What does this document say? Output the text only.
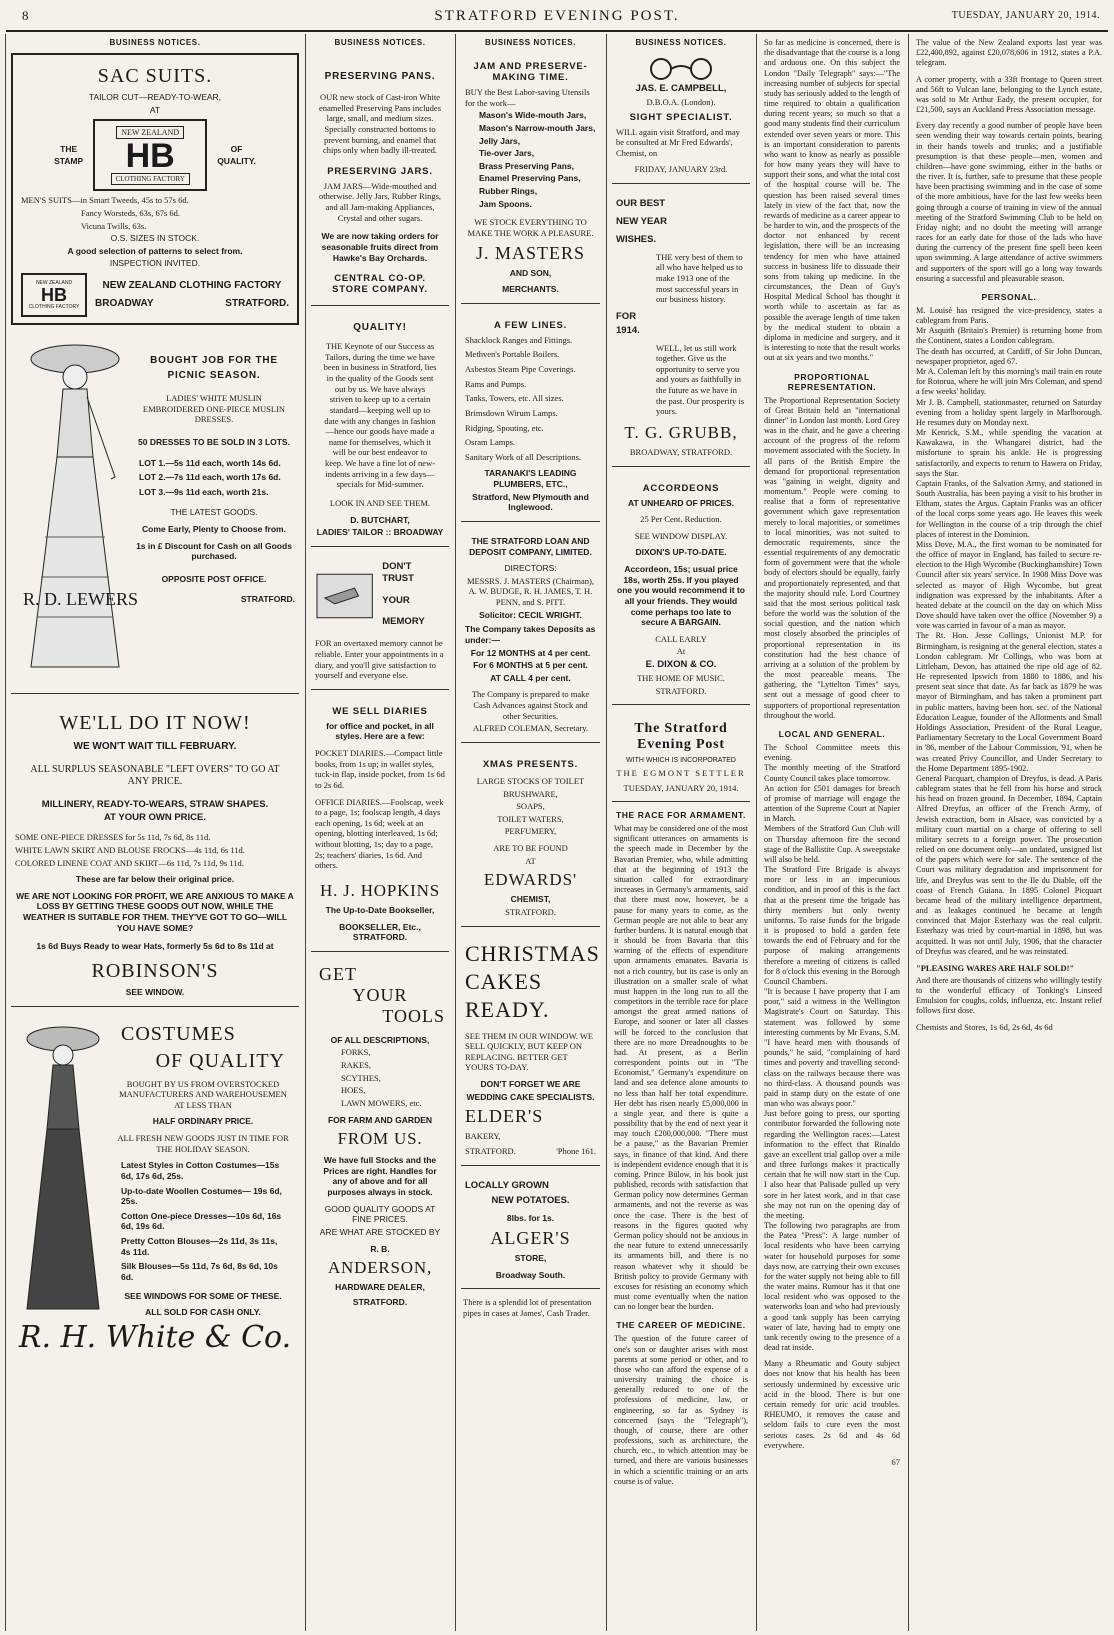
8	STRATFORD EVENING POST.	TUESDAY, JANUARY 20, 1914.
BUSINESS NOTICES.
SAC SUITS.
TAILOR CUT—READY-TO-WEAR,
AT
THE
STAMP
NEW ZEALAND
HB
CLOTHING FACTORY
OF
QUALITY.
MEN'S SUITS—in Smart Tweeds, 45s to 57s 6d.
Fancy Worsteds, 63s, 67s 6d.
Vicuna Twills, 63s.
O.S. SIZES IN STOCK.
A good selection of patterns to select from.
INSPECTION INVITED.
NEW ZEALAND
HB
CLOTHING FACTORY
NEW ZEALAND CLOTHING FACTORY
BROADWAY	STRATFORD.
BOUGHT JOB FOR THE
PICNIC SEASON.
LADIES' WHITE MUSLIN EMBROIDERED ONE-PIECE MUSLIN DRESSES.
50 DRESSES TO BE SOLD IN 3 LOTS.
LOT 1.—5s 11d each, worth 14s 6d.
LOT 2.—7s 11d each, worth 17s 6d.
LOT 3.—9s 11d each, worth 21s.
THE LATEST GOODS.
Come Early, Plenty to Choose from.
1s in £ Discount for Cash on all Goods purchased.
OPPOSITE POST OFFICE.
R. D. LEWERS	STRATFORD.
WE'LL DO IT NOW!
WE WON'T WAIT TILL FEBRUARY.
ALL SURPLUS SEASONABLE "LEFT OVERS" TO GO AT ANY PRICE.
MILLINERY, READY-TO-WEARS, STRAW SHAPES.
AT YOUR OWN PRICE.
SOME ONE-PIECE DRESSES for 5s 11d, 7s 6d, 8s 11d.
WHITE LAWN SKIRT AND BLOUSE FROCKS—4s 11d, 6s 11d.
COLORED LINENE COAT AND SKIRT—6s 11d, 7s 11d, 9s 11d.
These are far below their original price.
WE ARE NOT LOOKING FOR PROFIT, WE ARE ANXIOUS TO MAKE A LOSS BY GETTING THESE GOODS OUT NOW, WHILE THE WEATHER IS SUITABLE FOR THEM. THEY'VE GOT TO GO—WILL YOU HAVE SOME?
1s 6d Buys Ready to wear Hats, formerly 5s 6d to 8s 11d at
ROBINSON'S
SEE WINDOW.
COSTUMES
OF QUALITY
BOUGHT BY US FROM OVERSTOCKED MANUFACTURERS AND WAREHOUSEMEN AT LESS THAN
HALF ORDINARY PRICE.
ALL FRESH NEW GOODS JUST IN TIME FOR THE HOLIDAY SEASON.
Latest Styles in Cotton Costumes—15s 6d, 17s 6d, 25s.
Up-to-date Woollen Costumes— 19s 6d, 25s.
Cotton One-piece Dresses—10s 6d, 16s 6d, 19s 6d.
Pretty Cotton Blouses—2s 11d, 3s 11s, 4s 11d.
Silk Blouses—5s 11d, 7s 6d, 8s 6d, 10s 6d.
SEE WINDOWS FOR SOME OF THESE.
ALL SOLD FOR CASH ONLY.
R. H. White & Co.
BUSINESS NOTICES.
PRESERVING PANS.
OUR new stock of Cast-iron White enamelled Preserving Pans includes large, small, and medium sizes. Specially constructed bottoms to prevent burning, and enamel that chips only when badly ill-treated.
PRESERVING JARS.
JAM JARS—Wide-mouthed and otherwise. Jelly Jars, Rubber Rings, and all Jam-making Appliances, Crystal and other sugars.
We are now taking orders for seasonable fruits direct from Hawke's Bay Orchards.
CENTRAL CO-OP. STORE COMPANY.
QUALITY!
THE Keynote of our Success as Tailors, during the time we have been in business in Stratford, lies in the quality of the Goods sent out by us. We have always striven to keep up to a certain standard—keeping well up to date with any changes in fashion —hence our goods have made a name for themselves, which it will be our best endeavor to keep. We have a fine lot of new-indents arriving in a few days—specials for Mid-summer.
LOOK IN AND SEE THEM.
D. BUTCHART,
LADIES' TAILOR :: BROADWAY
DON'T TRUST
YOUR
MEMORY
FOR an overtaxed memory cannot be reliable. Enter your appointments in a diary, and you'll give satisfaction to yourself and everyone else.
WE SELL DIARIES
for office and pocket, in all styles. Here are a few:
POCKET DIARIES.—Compact little books, from 1s up; in wallet styles, tuck-in flap, inside pocket, from 1s 6d to 2s 6d.
OFFICE DIARIES.—Foolscap, week to a page, 1s; foolscap length, 4 days each opening, 1s 6d; week at an opening, blotting interleaved, 1s 6d; without blotting, 1s; day to a page, 2s; teachers' diaries, 1s 6d. And others.
H. J. HOPKINS
The Up-to-Date Bookseller,
BOOKSELLER, Etc., STRATFORD.
GET
YOUR
TOOLS
OF ALL DESCRIPTIONS,
FORKS,
RAKES,
SCYTHES,
HOES,
LAWN MOWERS, etc.
FOR FARM AND GARDEN
FROM US.
We have full Stocks and the Prices are right. Handles for any of above and for all purposes always in stock.
GOOD QUALITY GOODS AT FINE PRICES.
ARE WHAT ARE STOCKED BY
R. B.
ANDERSON,
HARDWARE DEALER,
STRATFORD.
BUSINESS NOTICES.
JAM AND PRESERVE-MAKING TIME.
BUY the Best Labor-saving Utensils for the work—
Mason's Wide-mouth Jars,
Mason's Narrow-mouth Jars,
Jelly Jars,
Tie-over Jars,
Brass Preserving Pans,
Enamel Preserving Pans,
Rubber Rings,
Jam Spoons.
WE STOCK EVERYTHING TO MAKE THE WORK A PLEASURE.
J. MASTERS
AND SON,
MERCHANTS.
A FEW LINES.
Shacklock Ranges and Fittings.
Methven's Portable Boilers.
Asbestos Steam Pipe Coverings.
Rams and Pumps.
Tanks, Towers, etc. All sizes.
Brimsdown Wirum Lamps.
Ridging, Spouting, etc.
Osram Lamps.
Sanitary Work of all Descriptions.
TARANAKI'S LEADING PLUMBERS, ETC.,
Stratford, New Plymouth and Inglewood.
THE STRATFORD LOAN AND DEPOSIT COMPANY, LIMITED.
DIRECTORS:
MESSRS. J. MASTERS (Chairman), A. W. BUDGE, R. H. JAMES, T. H. PENN, and S. PITT.
Solicitor: CECIL WRIGHT.
The Company takes Deposits as under:—
For 12 MONTHS at 4 per cent.
For 6 MONTHS at 5 per cent.
AT CALL 4 per cent.
The Company is prepared to make Cash Advances against Stock and other Securities.
ALFRED COLEMAN, Secretary.
XMAS PRESENTS.
LARGE STOCKS OF TOILET
BRUSHWARE,
SOAPS,
TOILET WATERS,
PERFUMERY,
ARE TO BE FOUND
AT
EDWARDS'
CHEMIST,
STRATFORD.
CHRISTMAS
CAKES
READY.
SEE THEM IN OUR WINDOW. WE SELL QUICKLY, BUT KEEP ON REPLACING. BETTER GET YOURS TO-DAY.
DON'T FORGET WE ARE
WEDDING CAKE SPECIALISTS.
ELDER'S
BAKERY,
STRATFORD.	'Phone 161.
LOCALLY GROWN
NEW POTATOES.
8lbs. for 1s.
ALGER'S
STORE,
Broadway South.
There is a splendid lot of presentation pipes in cases at James', Cash Trader.
BUSINESS NOTICES.
JAS. E. CAMPBELL,
D.B.O.A. (London).
SIGHT SPECIALIST.
WILL again visit Stratford, and may be consulted at Mr Fred Edwards', Chemist, on
FRIDAY, JANUARY 23rd.
OUR BEST
NEW YEAR
WISHES.
THE very best of them to all who have helped us to make 1913 one of the most successful years in our business history.
FOR
1914.
WELL, let us still work together. Give us the opportunity to serve you and yours as faithfully in the future as we have in the past. Our prosperity is yours.
T. G. GRUBB,
BROADWAY, STRATFORD.
ACCORDEONS
AT UNHEARD OF PRICES.
25 Per Cent. Reduction.
SEE WINDOW DISPLAY.
DIXON'S UP-TO-DATE.
Accordeon, 15s; usual price 18s, worth 25s. If you played one you would recommend it to all your friends. They would come perhaps too late to secure A BARGAIN.
CALL EARLY
At
E. DIXON & CO.
THE HOME OF MUSIC.
STRATFORD.
The Stratford Evening Post
WITH WHICH IS INCORPORATED
THE EGMONT SETTLER
TUESDAY, JANUARY 20, 1914.
THE RACE FOR ARMAMENT.
What may be considered one of the most significant utterances on armaments is the speech made in December by the Bavarian Premier, who, while admitting that at the beginning of 1913 the situation called for extraordinary increases in Germany's armaments, said that there must now, however, be a pause for many years to come, as the German people are not able to bear any further burdens. It is natural enough that it should be from Bavaria that this warning of the effects of expenditure upon armaments emanates. Bavaria is not a rich country, but its case is only an illustration on a smaller scale of what must happen in the long run to all the competitors in the terrible race for place amongst the great armed nations of Europe, and sooner or later all classes will be forced to the conclusion that there are no more Dreadnoughts to be had. At present, as a Berlin correspondent points out in "The Economist," Germany's expenditure on land and sea defence alone amounts to no less than half her total expenditure. Her debt has risen nearly £5,000,000 in a single year, and there is quite a possibility that by the end of next year it may touch £200,000,000. "There must be a pause," as the Bavarian Premier says, in finance of that kind. And there is independent evidence enough that it is coming. Prince Bülow, in his book just published, records with satisfaction that German policy now determines German armaments, and not the reverse as was once the case. There is the best of reasons in the figures quoted why German policy should not be anxious in the near future to extend unnecessarily its armaments bill, and there is no reason whatever why it should be British policy to provide Germany with excuses for resisting an economy which must come eventually when the nation can no longer bear the burden.
THE CAREER OF MEDICINE.
The question of the future career of one's son or daughter arises with most parents at some period or other, and to those who can afford the expense of a university training the choice is generally reduced to one of the professions of medicine, law, or engineering, so far as Sydney is concerned (says the "Telegraph"), though, of course, there are other professions, such as architecture, the church, etc., to which attention may be turned, and there are various businesses in which a scientific training or an arts course is of value.
So far as medicine is concerned, there is the disadvantage that the course is a long and arduous one. On this subject the London "Daily Telegraph" says:—"The increasing number of subjects for special study has seriously added to the length of time required to obtain a qualification during recent years; so much so that a good many students find their curriculum extended over seven years or more. This is an important consideration to parents who want to know as nearly as possible for how many years they will have to support their sons, and what the total cost of the hospital course will be. The question has been raised several times lately in view of the fact that, now the rewards of medicine as a career appear to be harder to win, and the prospects of the doctor not enhanced by recent legislation, there will be an increasing tendency for men who have attained success in business life to dissuade their sons from taking up medicine. In the circumstances, the Dean of Guy's Hospital Medical School has thought it worth while to ascertain as far as possible the average length of time taken by the medical student to obtain a diploma in medicine and surgery, and it is interesting to note that the result works out at six years and two months."
PROPORTIONAL REPRESENTATION.
The Proportional Representation Society of Great Britain held an "international dinner" in London last month. Lord Grey was in the chair, and he gave a cheering account of the progress of the reform movement associated with the Society. In all parts of the British Empire the demand for proportional representation was "gaining in weight, dignity and momentum." People were coming to realise that a form of representative government which gave representation merely to local majorities, or sometimes to local minorities, was not suited to democratic requirements, since the essential requirements of any democratic form of government were that the whole body of electors should be equally, fairly and proportionately represented, and that the majority should rule. Lord Courtney said that the most serious political task before the world was the solution of the social question, and the nation which most closely absorbed the principles of proportional representation in its constitution had the best chance of arriving at a solution of the problem by the most peaceable means. The gathering, the "Lyttelton Times" says, sent out a message of good cheer to supporters of proportional representation throughout the world.
LOCAL AND GENERAL.
The School Committee meets this evening.
The monthly meeting of the Stratford County Council takes place tomorrow.
An action for £501 damages for breach of promise of marriage will engage the attention of the Supreme Court at Napier in March.
Members of the Stratford Gun Club will on Thursday afternoon fire the second stage of the Ballistite Cup. A sweepstake will also be held.
The Stratford Fire Brigade is always more or less in an impecunious condition, and in proof of this is the fact that at the present time the brigade has thirty members but only twenty uniforms. To raise funds for the brigade it is proposed to hold a garden fete towards the end of February and for the purpose of making arrangements therefore a meeting of citizens is called for 8 o'clock this evening in the Borough Council Chambers.
"It is because I have property that I am poor," said a witness in the Wellington Magistrate's Court on Saturday. This statement was followed by some interesting comments by Mr Evans, S.M. "I have heard men with thousands of pounds," he said, "complaining of hard times and poverty and travelling second-class on the railways because there was no third-class. A thousand pounds was paid in stamp duty on the estate of one man who was always poor."
Just before going to press, our sporting contributor forwarded the following note regarding the Wellington races:—Latest information to the effect that Rinaldo gave an excellent trial gallop over a mile and three furlongs makes it practically certain that he will now start in the Cup. I also hear that Palisade pulled up very sore in her latest work, and in that case she may not run on the opening day of the meeting.
The following two paragraphs are from the Patea "Press": A large number of local residents who have been carrying water for household purposes for some days now, are carrying their own excuses for the water supply not being able to fill the water mains. Rumour has it that one local resident who was opposed to the waterworks loan and who had previously a good tank supply has been carrying water of late, having had to empty one tank recently owing to the presence of a dead rat inside.
Many a Rheumatic and Gouty subject does not know that his health has been seriously undermined by excessive uric acid in the blood. There is but one certain remedy for uric acid troubles. RHEUMO, it removes the cause and seldom fails to cure even the most serious cases. 2s 6d and 4s 6d everywhere.
67
The value of the New Zealand exports last year was £22,400,892, against £20,078,606 in 1912, states a P.A. telegram.
A corner property, with a 33ft frontage to Queen street and 56ft to Vulcan lane, belonging to the Lynch estate, was sold to Mr Arthur Eady, the present occupier, for £21,500, says an Auckland Press Association message.
Every day recently a good number of people have been seen wending their way towards certain points, bearing in their hands towels and trunks; and a justifiable presumption is that these people—men, women and children—have gone swimming, either in the baths or the river. It is, further, safe to presume that these people have been practising swimming and in the case of some of the more ambitious, have for the last few weeks been going through a course of training in view of the annual meeting of the Stratford Swimming Club to be held on Friday night; and no doubt the meeting will arrange races for an early date for those of the lads who have during the currency of the present fine spell been keen upon swimming. A large attendance of active swimmers and supporters of the sport will go a long way towards ensuring a successful and pleasurable season.
PERSONAL.
M. Louisé has resigned the vice-presidency, states a cablegram from Paris.
Mr Asquith (Britain's Premier) is returning home from the Continent, states a London cablegram.
The death has occurred, at Cardiff, of Sir John Duncan, newspaper proprietor, aged 67.
Mr A. Coleman left by this morning's mail train en route for Rotorua, where he will join Mrs Coleman, and spend a few weeks' holiday.
Mr J. B. Campbell, stationmaster, returned on Saturday evening from a holiday spent largely in Marlborough. He resumes duty on Monday next.
Mr Kenrick, S.M., while spending the vacation at Kawakawa, in the Whangarei district, had the misfortune to sprain his ankle. He is progressing satisfactorily, and expects to return to Hawera on Friday, says the Star.
Captain Franks, of the Salvation Army, and stationed in South Australia, has been paying a visit to his brother in Eltham, states the Argus. Captain Franks was an officer of the local corps some years ago. He leaves this week for Wellington in the course of a trip through the chief places of interest in the Dominion.
Miss Dove, M.A., the first woman to be nominated for the office of mayor in England, has failed to secure re-election to the High Wycombe (Buckinghamshire) Town Council after six years' service. In 1908 Miss Dove was selected as mayor of High Wycombe, but great indignation was expressed by the inhabitants. After a heated debate at the council on the day on which Miss Dove should have taken over the office (November 9) a vote was carried in favour of a man as mayor.
The Rt. Hon. Jesse Collings, Unionist M.P. for Birmingham, is resigning at the general election, states a London cablegram. Mr Collings, who was born at Littleham, Devon, has attained the ripe old age of 82. He represented Ipswich from 1880 to 1886, and his present seat since that date. As far back as 1879 he was mayor of Birmingham, and has taken a prominent part in public matters, having been hon. sec. of the National Education League, founder of the Allotments and Small Holdings Association, President of the Rural League, Parliamentary Secretary to the Local Government Board in '86, member of the Labour Commission, '91, when he was created Privy Councillor, and Under Secretary to the Home Department 1895-1902.
General Pacquart, champion of Dreyfus, is dead. A Paris cablegram states that he fell from his horse and struck his head on frozen ground. In December, 1894, Captain Alfred Dreyfus, an officer of the French Army, of Jewish extraction, born in Alsace, was convicted by a military court martial on a charge of offering to sell military secrets to a foreign power. The prosecution relied on one document only—an undated, unsigned list of the papers which were for sale. The sentence of the Court was military degradation and imprisonment for life, and Dreyfus was sent to the Ile du Diable, off the coast of French Guiana. In 1895 Colonel Picquart became head of the military intelligence department, and as leakages continued he became at length convinced that Major Esterhazy was the real culprit. Esterhazy was tried by court-martial in 1898, but was acquitted. It was not until July, 1906, that the character of Dreyfus was cleared, and he was reinstated.
"PLEASING WARES ARE HALF SOLD!"
And there are thousands of citizens who willingly testify to the wonderful efficacy of Tonking's Linseed Emulsion for coughs, colds, influenza, etc. Instant relief follows first dose.
Chemists and Stores, 1s 6d, 2s 6d, 4s 6d
